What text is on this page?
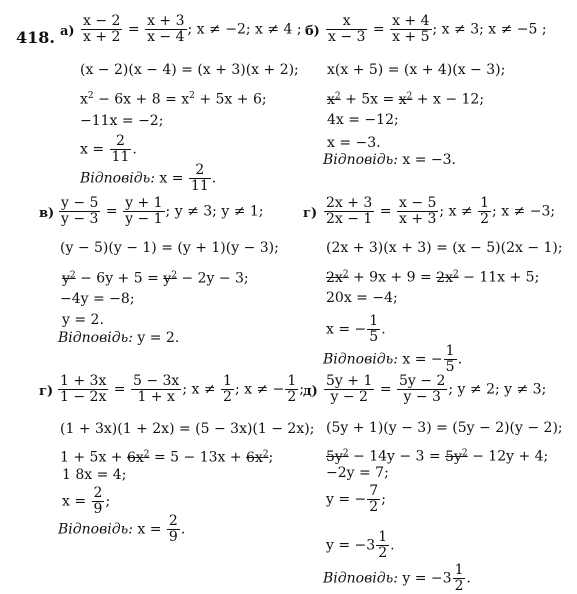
418. $а) \frac{x - 2}{x + 2} = \frac{x + 3}{x - 4}$ ; x ≠ −2; x ≠ 4 ;
(x − 2)(x − 4) = (x + 3)(x + 2);
$x^2 - 6x + 8 = x^2 + 5x + 6$;
−11x = −2;
$x = \frac{2}{11}$ .
Відповідь: $x = \frac{2}{11}$ .
$б) \frac{x}{x - 3} = \frac{x + 4}{x + 5}$ ; x ≠ 3; x ≠ −5 ;
x(x + 5) = (x + 4)(x − 3);
$x^2 + 5x = x^2 + x - 12$;
4x = −12;
x = −3.
Відповідь: x = −3.
$в) \frac{y - 5}{y - 3} = \frac{y + 1}{y - 1}$ ; y ≠ 3; y ≠ 1;
(y − 5)(y − 1) = (y + 1)(y − 3);
$y^2 - 6y + 5 = y^2 - 2y - 3$;
−4y = −8;
y = 2.
Відповідь: y = 2.
$г) \frac{2x + 3}{2x - 1} = \frac{x - 5}{x + 3}$ ; $x \ne \frac{1}{2}$ ; x ≠ −3;
(2x + 3)(x + 3) = (x − 5)(2x − 1);
$2x^2 + 9x + 9 = 2x^2 - 11x + 5$;
20x = −4;
x = − $\frac{1}{5}$ .
Відповідь: x = − $\frac{1}{5}$ .
$г) \frac{1 + 3x}{1 - 2x} = \frac{5 - 3x}{1 + x}$ ; $x \ne \frac{1}{2}$ ; x ≠ − $\frac{1}{2}$ ;
(1 + 3x)(1 + 2x) = (5 − 3x)(1 − 2x);
$1 + 5x + 6x^2 = 5 - 13x + 6x^2$;
1 8x = 4;
$x = \frac{2}{9}$ ;
Відповідь: $x = \frac{2}{9}$ .
$д) \frac{5y + 1}{y - 2} = \frac{5y - 2}{y - 3}$ ; y ≠ 2; y ≠ 3;
(5y + 1)(y − 3) = (5y − 2)(y − 2);
$5y^2 - 14y - 3 = 5y^2 - 12y + 4$;
−2y = 7;
y = − $\frac{7}{2}$ ;
$y = -3 \frac{1}{2}$ .
Відповідь: $y = -3 \frac{1}{2}$ .
